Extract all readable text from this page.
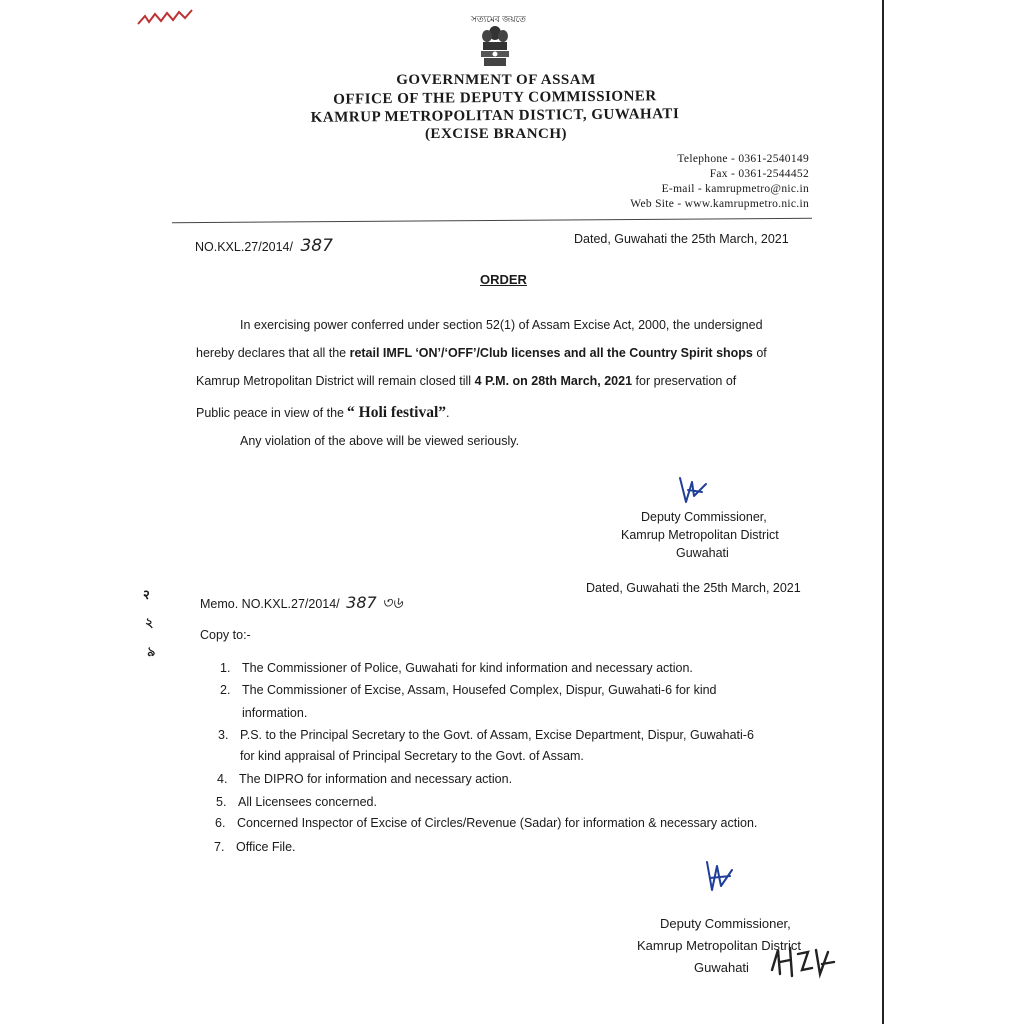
সত্যমেব জয়তে
GOVERNMENT OF ASSAM
OFFICE OF THE DEPUTY COMMISSIONER
KAMRUP METROPOLITAN DISTICT, GUWAHATI
(EXCISE BRANCH)
Telephone - 0361-2540149
Fax - 0361-2544452
E-mail - kamrupmetro@nic.in
Web Site - www.kamrupmetro.nic.in
NO.KXL.27/2014/ 387	Dated, Guwahati the 25th March, 2021
ORDER
In exercising power conferred under section 52(1) of Assam Excise Act, 2000, the undersigned
hereby declares that all the retail IMFL ‘ON’/‘OFF’/Club licenses and all the Country Spirit shops of
Kamrup Metropolitan District will remain closed till 4 P.M. on 28th March, 2021 for preservation of
Public peace in view of the “ Holi festival”.
Any violation of the above will be viewed seriously.
Deputy Commissioner,
Kamrup Metropolitan District
Guwahati
२
২
৯
Memo. NO.KXL.27/2014/ 387 ৩৬
Dated, Guwahati the 25th March, 2021
Copy to:-
1. The Commissioner of Police, Guwahati for kind information and necessary action.
2. The Commissioner of Excise, Assam, Housefed Complex, Dispur, Guwahati-6 for kind
information.
3. P.S. to the Principal Secretary to the Govt. of Assam, Excise Department, Dispur, Guwahati-6
for kind appraisal of Principal Secretary to the Govt. of Assam.
4. The DIPRO for information and necessary action.
5. All Licensees concerned.
6. Concerned Inspector of Excise of Circles/Revenue (Sadar) for information & necessary action.
7. Office File.
Deputy Commissioner,
Kamrup Metropolitan District
Guwahati
